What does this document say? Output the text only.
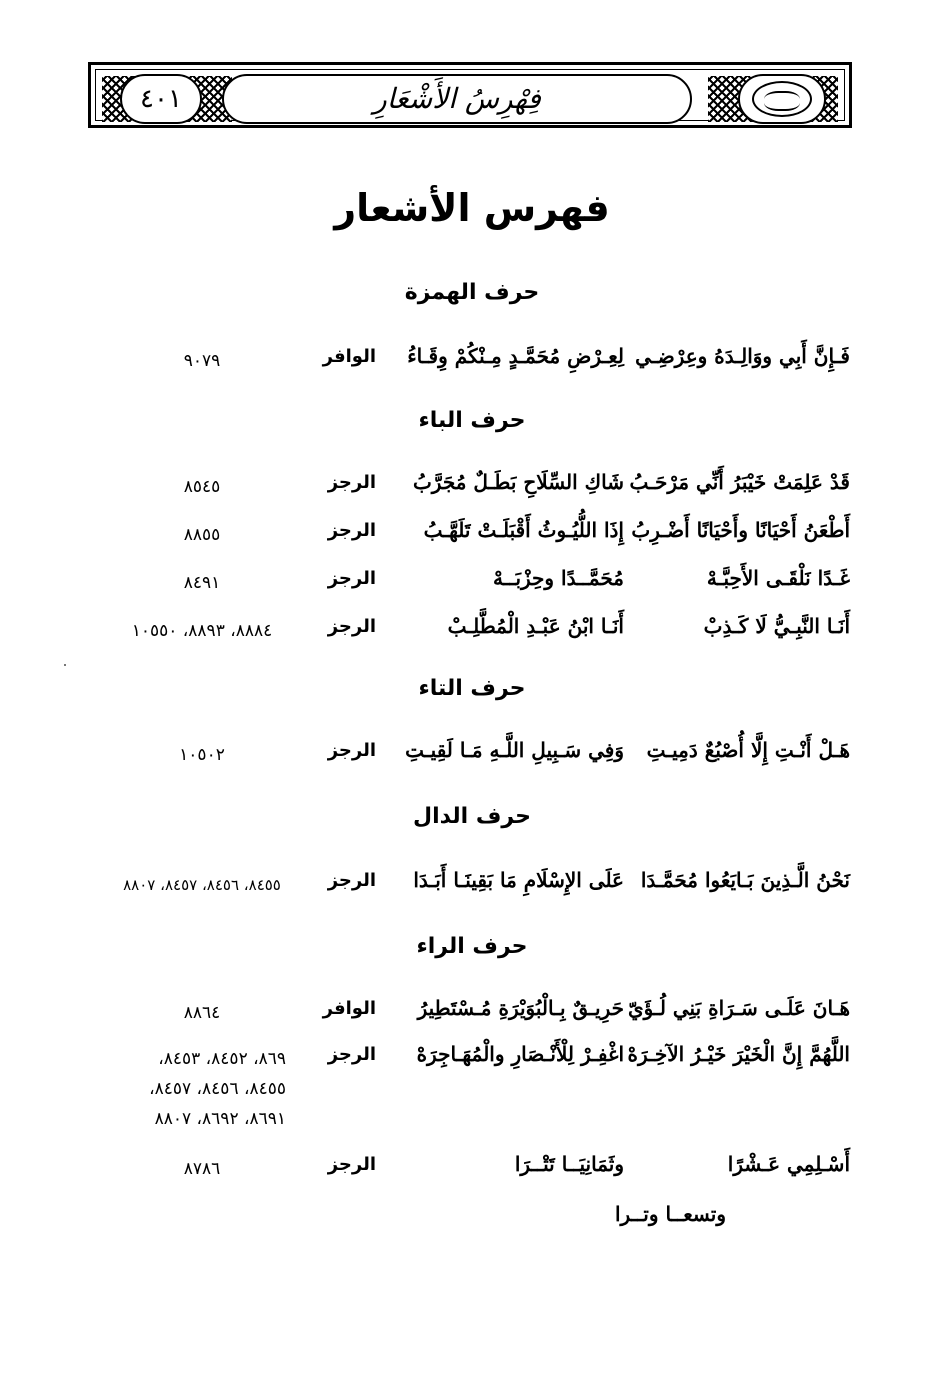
٤٠١	فِهْرِسُ الأَشْعَارِ
فهرس الأشعار
حرف الهمزة
فَـإِنَّ أَبِي ووَالِـدَهُ وعِرْضِـي
لِعِـرْضِ مُحَمَّـدٍ مِـنْكُمْ وِقَـاءُ
الوافر
٩٠٧٩
حرف الباء
قَدْ عَلِمَتْ خَيْبَرُ أَنِّي مَرْحَـبُ
شَاكِ السِّلَاحِ بَطَـلٌ مُجَرَّبُ
الرجز
٨٥٤٥
أَطْعَنُ أَحْيَانًا وأَحْيَانًا أَضْـرِبُ
إِذَا اللُّيُـوثُ أَقْبَلَـتْ تَلَهَّـبُ
الرجز
٨٨٥٥
غَـدًا نَلْقَـى الأَحِبَّـهْ
مُحَمَّــدًا وحِزْبَــهْ
الرجز
٨٤٩١
أَنَـا النَّبِـيُّ لَا كَـذِبْ
أَنَـا ابْنُ عَبْـدِ الْمُطَّلِـبْ
الرجز
٨٨٨٤، ٨٨٩٣، ١٠٥٥٠
حرف التاء
هَـلْ أَنْـتِ إِلَّا أُصْبُعٌ دَمِيـتِ
وَفِي سَـبِيلِ اللَّـهِ مَـا لَقِيـتِ
الرجز
١٠٥٠٢
حرف الدال
نَحْنُ الَّـذِينَ بَـايَعُوا مُحَمَّـدَا
عَلَى الإِسْلَامِ مَا بَقِينَـا أَبَـدَا
الرجز
٨٤٥٥، ٨٤٥٦، ٨٤٥٧، ٨٨٠٧
حرف الراء
هَـانَ عَلَـى سَـرَاةِ بَنِي لُـؤَيّ
حَرِيـقٌ بِـالْبُوَيْرَةِ مُـسْتَطِيرُ
الوافر
٨٨٦٤
اللَّهُمَّ إِنَّ الْخَيْرَ خَيْـرُ الآخِـرَهْ
اغْفِـرْ لِلْأَنْـصَارِ والْمُهَـاجِرَهْ
الرجز
٨٦٩، ٨٤٥٢، ٨٤٥٣،
٨٤٥٥، ٨٤٥٦، ٨٤٥٧،
٨٦٩١، ٨٦٩٢، ٨٨٠٧
أَسْـلِمِي عَـشْرًا
وثَمَانِيَــا تَتْــرَا
الرجز
٨٧٨٦
وتسعــا وتــرا
